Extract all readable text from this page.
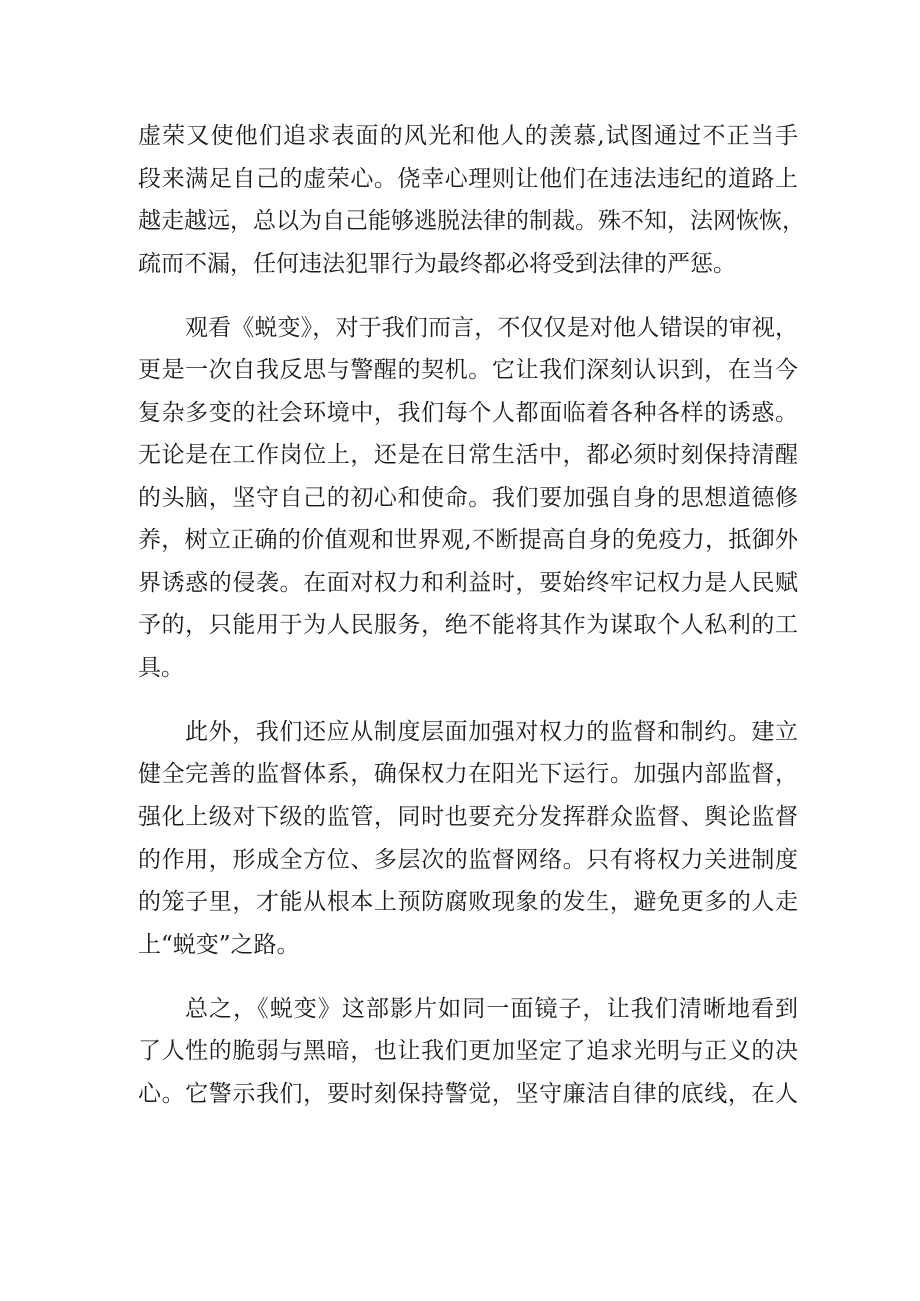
虚荣又使他们追求表面的风光和他人的羡慕,试图通过不正当手
段来满足自己的虚荣心。侥幸心理则让他们在违法违纪的道路上
越走越远，总以为自己能够逃脱法律的制裁。殊不知，法网恢恢，
疏而不漏，任何违法犯罪行为最终都必将受到法律的严惩。
观看《蜕变》，对于我们而言，不仅仅是对他人错误的审视，
更是一次自我反思与警醒的契机。它让我们深刻认识到，在当今
复杂多变的社会环境中，我们每个人都面临着各种各样的诱惑。
无论是在工作岗位上，还是在日常生活中，都必须时刻保持清醒
的头脑，坚守自己的初心和使命。我们要加强自身的思想道德修
养，树立正确的价值观和世界观,不断提高自身的免疫力，抵御外
界诱惑的侵袭。在面对权力和利益时，要始终牢记权力是人民赋
予的，只能用于为人民服务，绝不能将其作为谋取个人私利的工
具。
此外，我们还应从制度层面加强对权力的监督和制约。建立
健全完善的监督体系，确保权力在阳光下运行。加强内部监督，
强化上级对下级的监管，同时也要充分发挥群众监督、舆论监督
的作用，形成全方位、多层次的监督网络。只有将权力关进制度
的笼子里，才能从根本上预防腐败现象的发生，避免更多的人走
上“蜕变”之路。
总之，《蜕变》这部影片如同一面镜子，让我们清晰地看到
了人性的脆弱与黑暗，也让我们更加坚定了追求光明与正义的决
心。它警示我们，要时刻保持警觉，坚守廉洁自律的底线，在人
